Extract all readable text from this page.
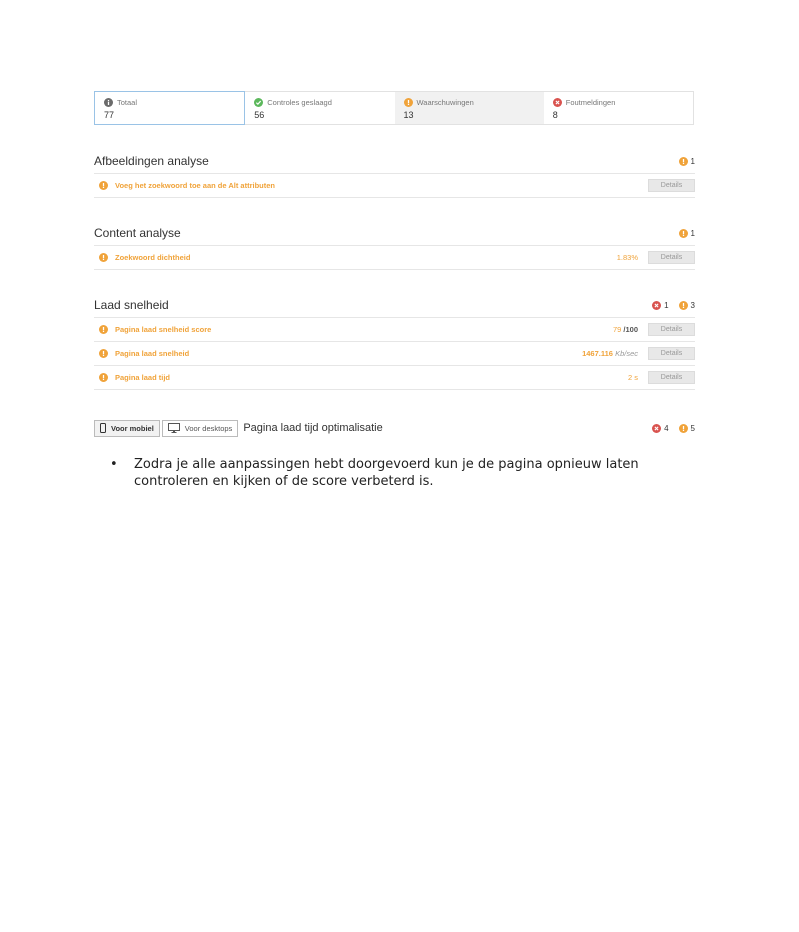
Totaal
77
Controles geslaagd
56
Waarschuwingen
13
Foutmeldingen
8
Afbeeldingen analyse	1
Voeg het zoekwoord toe aan de Alt attributen	Details
Content analyse	1
Zoekwoord dichtheid	1.83%	Details
Laad snelheid	1	3
Pagina laad snelheid score	79 /100	Details
Pagina laad snelheid	1467.116 Kb/sec	Details
Pagina laad tijd	2 s	Details
Voor mobiel	Voor desktops Pagina laad tijd optimalisatie	4	5
•	Zodra je alle aanpassingen hebt doorgevoerd kun je de pagina opnieuw laten controleren en kijken of de score verbeterd is.
